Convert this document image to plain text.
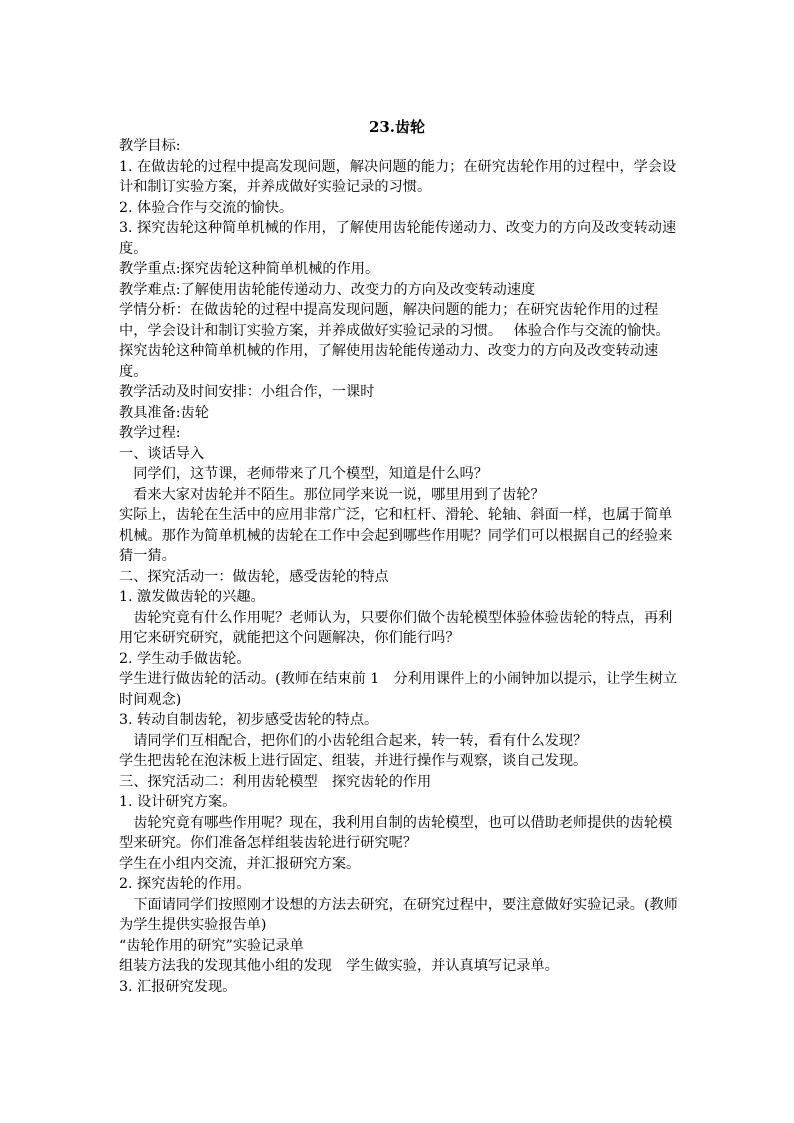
23.齿轮

教学目标:

1. 在做齿轮的过程中提高发现问题，解决问题的能力；在研究齿轮作用的过程中，学会设计和制订实验方案，并养成做好实验记录的习惯。

2. 体验合作与交流的愉快。

3. 探究齿轮这种简单机械的作用，了解使用齿轮能传递动力、改变力的方向及改变转动速度。

教学重点:探究齿轮这种简单机械的作用。

教学难点:了解使用齿轮能传递动力、改变力的方向及改变转动速度

学情分析：在做齿轮的过程中提高发现问题，解决问题的能力；在研究齿轮作用的过程中，学会设计和制订实验方案，并养成做好实验记录的习惯。　 体验合作与交流的愉快。　 探究齿轮这种简单机械的作用，了解使用齿轮能传递动力、改变力的方向及改变转动速度。

教学活动及时间安排：小组合作，一课时

教具准备:齿轮

教学过程:

一、谈话导入

　同学们，这节课，老师带来了几个模型，知道是什么吗？

　看来大家对齿轮并不陌生。那位同学来说一说，哪里用到了齿轮？

实际上，齿轮在生活中的应用非常广泛，它和杠杆、滑轮、轮轴、斜面一样，也属于简单机械。那作为简单机械的齿轮在工作中会起到哪些作用呢？同学们可以根据自己的经验来猜一猜。

二、探究活动一：做齿轮，感受齿轮的特点

1. 激发做齿轮的兴趣。

　齿轮究竟有什么作用呢？老师认为，只要你们做个齿轮模型体验体验齿轮的特点，再利用它来研究研究，就能把这个问题解决，你们能行吗？

2. 学生动手做齿轮。

学生进行做齿轮的活动。(教师在结束前 1　分利用课件上的小闹钟加以提示，让学生树立时间观念)

3. 转动自制齿轮，初步感受齿轮的特点。

　请同学们互相配合，把你们的小齿轮组合起来，转一转，看有什么发现？

学生把齿轮在泡沫板上进行固定、组装，并进行操作与观察，谈自己发现。

三、探究活动二：利用齿轮模型　探究齿轮的作用

1. 设计研究方案。

　齿轮究竟有哪些作用呢？现在，我利用自制的齿轮模型，也可以借助老师提供的齿轮模型来研究。你们准备怎样组装齿轮进行研究呢？

学生在小组内交流，并汇报研究方案。

2. 探究齿轮的作用。

　下面请同学们按照刚才设想的方法去研究，在研究过程中，要注意做好实验记录。(教师为学生提供实验报告单)

“齿轮作用的研究”实验记录单

组装方法我的发现其他小组的发现　学生做实验，并认真填写记录单。

3. 汇报研究发现。
